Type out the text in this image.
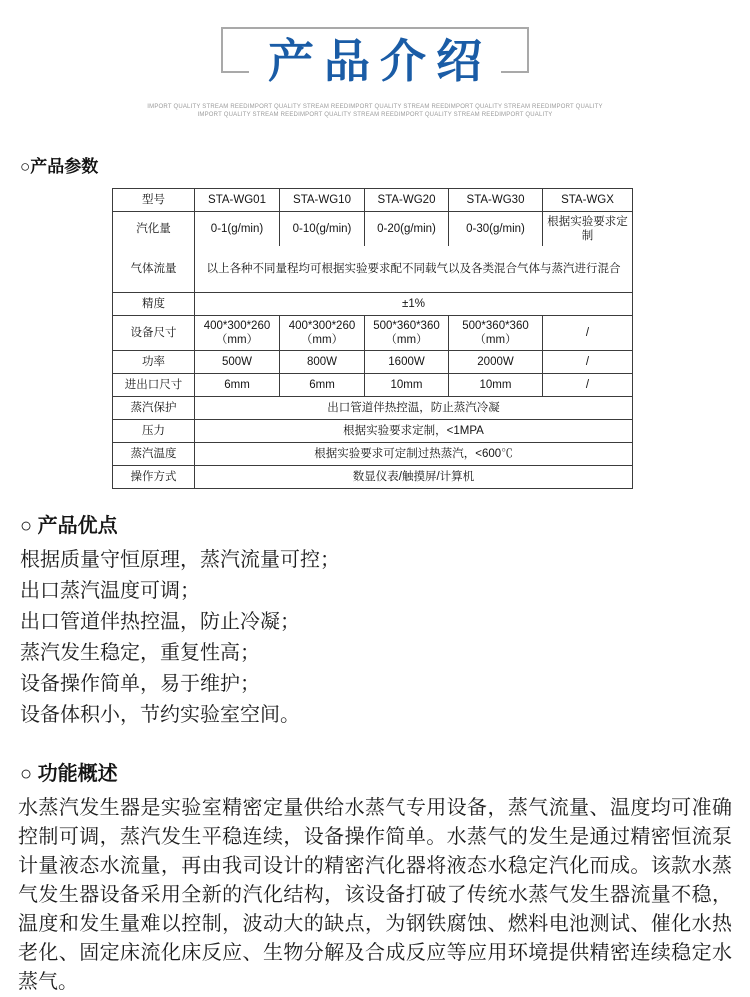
产品介绍
IMPORT QUALITY STREAM REEDIMPORT QUALITY STREAM REEDIMPORT QUALITY STREAM REEDIMPORT QUALITY STREAM REEDIMPORT QUALITY
IMPORT QUALITY STREAM REEDIMPORT QUALITY STREAM REEDIMPORT QUALITY STREAM REEDIMPORT QUALITY
○产品参数
型号	STA-WG01	STA-WG10	STA-WG20	STA-WG30	STA-WGX
汽化量	0-1(g/min)	0-10(g/min)	0-20(g/min)	0-30(g/min)	根据实验要求定制
气体流量	以上各种不同量程均可根据实验要求配不同载气以及各类混合气体与蒸汽进行混合				
精度	±1%				
设备尺寸	400*300*260（mm）	400*300*260（mm）	500*360*360（mm）	500*360*360（mm）	/
功率	500W	800W	1600W	2000W	/
进出口尺寸	6mm	6mm	10mm	10mm	/
蒸汽保护	出口管道伴热控温，防止蒸汽冷凝				
压力	根据实验要求定制，<1MPA				
蒸汽温度	根据实验要求可定制过热蒸汽，<600℃				
操作方式	数显仪表/触摸屏/计算机				
○ 产品优点
根据质量守恒原理，蒸汽流量可控；
出口蒸汽温度可调；
出口管道伴热控温，防止冷凝；
蒸汽发生稳定，重复性高；
设备操作简单，易于维护；
设备体积小，节约实验室空间。
○ 功能概述

水蒸汽发生器是实验室精密定量供给水蒸气专用设备，蒸气流量、温度均可准确控制可调，蒸汽发生平稳连续，设备操作简单。水蒸气的发生是通过精密恒流泵计量液态水流量，再由我司设计的精密汽化器将液态水稳定汽化而成。该款水蒸气发生器设备采用全新的汽化结构，该设备打破了传统水蒸气发生器流量不稳，温度和发生量难以控制，波动大的缺点，为钢铁腐蚀、燃料电池测试、催化水热老化、固定床流化床反应、生物分解及合成反应等应用环境提供精密连续稳定水蒸气。
